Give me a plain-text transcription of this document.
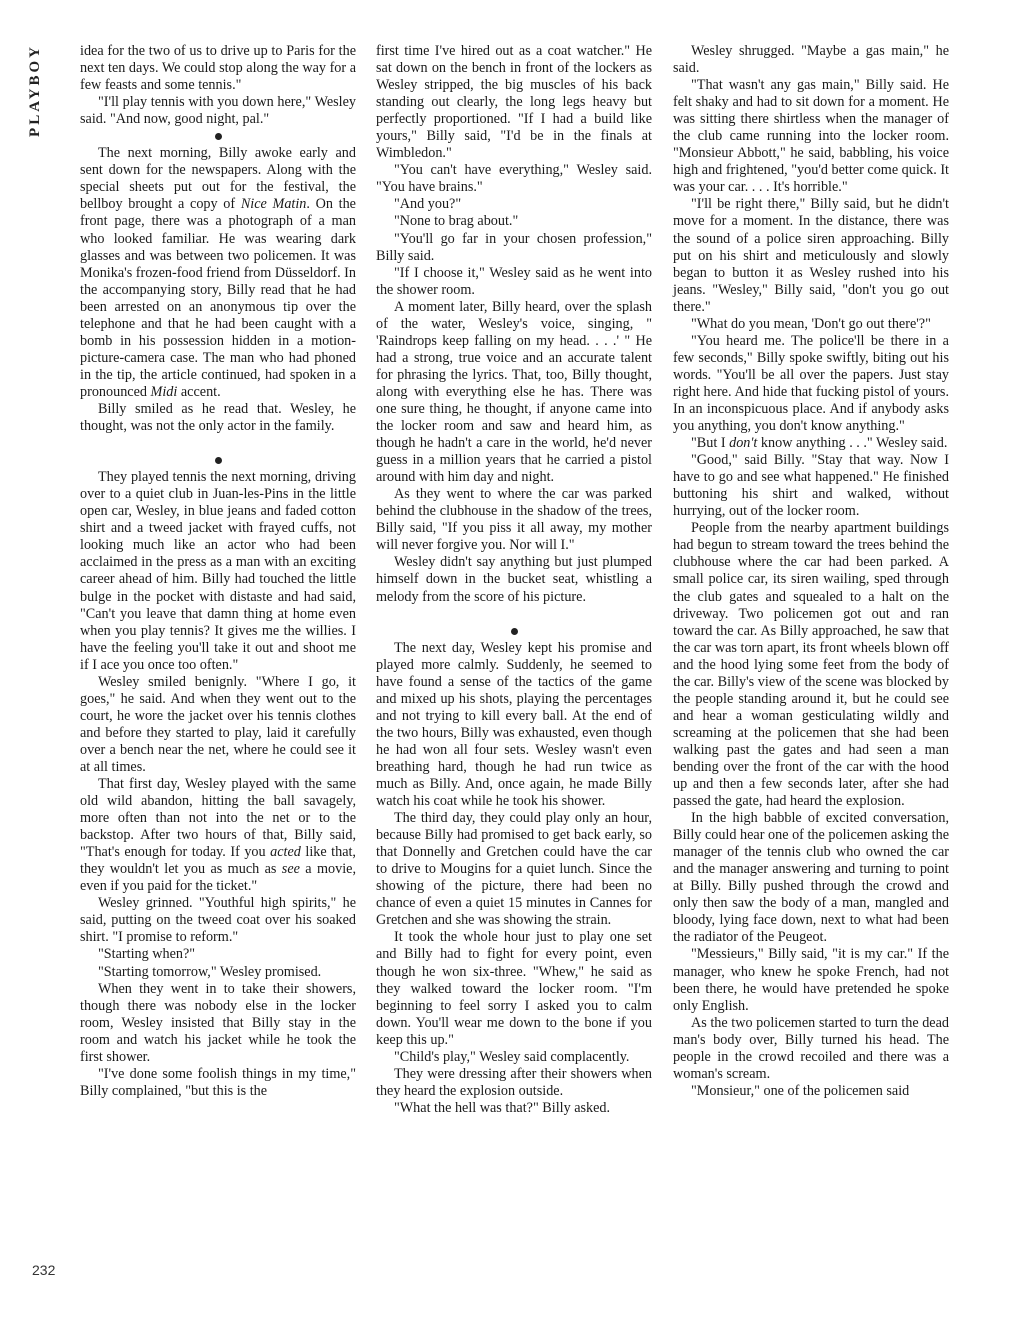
PLAYBOY
232

idea for the two of us to drive up to Paris for the next ten days. We could stop along the way for a few feasts and some tennis."

"I'll play tennis with you down here," Wesley said. "And now, good night, pal."

The next morning, Billy awoke early and sent down for the newspapers. Along with the special sheets put out for the festival, the bellboy brought a copy of Nice Matin. On the front page, there was a photograph of a man who looked familiar. He was wearing dark glasses and was between two policemen. It was Monika's frozen-food friend from Düsseldorf. In the accompanying story, Billy read that he had been arrested on an anonymous tip over the telephone and that he had been caught with a bomb in his possession hidden in a motion-picture-camera case. The man who had phoned in the tip, the article continued, had spoken in a pronounced Midi accent.

Billy smiled as he read that. Wesley, he thought, was not the only actor in the family.

They played tennis the next morning, driving over to a quiet club in Juan-les-Pins in the little open car, Wesley, in blue jeans and faded cotton shirt and a tweed jacket with frayed cuffs, not looking much like an actor who had been acclaimed in the press as a man with an exciting career ahead of him. Billy had touched the little bulge in the pocket with distaste and had said, "Can't you leave that damn thing at home even when you play tennis? It gives me the willies. I have the feeling you'll take it out and shoot me if I ace you once too often."

Wesley smiled benignly. "Where I go, it goes," he said. And when they went out to the court, he wore the jacket over his tennis clothes and before they started to play, laid it carefully over a bench near the net, where he could see it at all times.

That first day, Wesley played with the same old wild abandon, hitting the ball savagely, more often than not into the net or to the backstop. After two hours of that, Billy said, "That's enough for today. If you acted like that, they wouldn't let you as much as see a movie, even if you paid for the ticket."

Wesley grinned. "Youthful high spirits," he said, putting on the tweed coat over his soaked shirt. "I promise to reform."

"Starting when?"

"Starting tomorrow," Wesley promised.

When they went in to take their showers, though there was nobody else in the locker room, Wesley insisted that Billy stay in the room and watch his jacket while he took the first shower.

"I've done some foolish things in my time," Billy complained, "but this is the

first time I've hired out as a coat watcher." He sat down on the bench in front of the lockers as Wesley stripped, the big muscles of his back standing out clearly, the long legs heavy but perfectly proportioned. "If I had a build like yours," Billy said, "I'd be in the finals at Wimbledon."

"You can't have everything," Wesley said. "You have brains."

"And you?"

"None to brag about."

"You'll go far in your chosen profession," Billy said.

"If I choose it," Wesley said as he went into the shower room.

A moment later, Billy heard, over the splash of the water, Wesley's voice, singing, " 'Raindrops keep falling on my head. . . .' " He had a strong, true voice and an accurate talent for phrasing the lyrics. That, too, Billy thought, along with everything else he has. There was one sure thing, he thought, if anyone came into the locker room and saw and heard him, as though he hadn't a care in the world, he'd never guess in a million years that he carried a pistol around with him day and night.

As they went to where the car was parked behind the clubhouse in the shadow of the trees, Billy said, "If you piss it all away, my mother will never forgive you. Nor will I."

Wesley didn't say anything but just plumped himself down in the bucket seat, whistling a melody from the score of his picture.

The next day, Wesley kept his promise and played more calmly. Suddenly, he seemed to have found a sense of the tactics of the game and mixed up his shots, playing the percentages and not trying to kill every ball. At the end of the two hours, Billy was exhausted, even though he had won all four sets. Wesley wasn't even breathing hard, though he had run twice as much as Billy. And, once again, he made Billy watch his coat while he took his shower.

The third day, they could play only an hour, because Billy had promised to get back early, so that Donnelly and Gretchen could have the car to drive to Mougins for a quiet lunch. Since the showing of the picture, there had been no chance of even a quiet 15 minutes in Cannes for Gretchen and she was showing the strain.

It took the whole hour just to play one set and Billy had to fight for every point, even though he won six-three. "Whew," he said as they walked toward the locker room. "I'm beginning to feel sorry I asked you to calm down. You'll wear me down to the bone if you keep this up."

"Child's play," Wesley said complacently.

They were dressing after their showers when they heard the explosion outside.

"What the hell was that?" Billy asked.

Wesley shrugged. "Maybe a gas main," he said.

"That wasn't any gas main," Billy said. He felt shaky and had to sit down for a moment. He was sitting there shirtless when the manager of the club came running into the locker room. "Monsieur Abbott," he said, babbling, his voice high and frightened, "you'd better come quick. It was your car. . . . It's horrible."

"I'll be right there," Billy said, but he didn't move for a moment. In the distance, there was the sound of a police siren approaching. Billy put on his shirt and meticulously and slowly began to button it as Wesley rushed into his jeans. "Wesley," Billy said, "don't you go out there."

"What do you mean, 'Don't go out there'?"

"You heard me. The police'll be there in a few seconds," Billy spoke swiftly, biting out his words. "You'll be all over the papers. Just stay right here. And hide that fucking pistol of yours. In an inconspicuous place. And if anybody asks you anything, you don't know anything."

"But I don't know anything . . ." Wesley said.

"Good," said Billy. "Stay that way. Now I have to go and see what happened." He finished buttoning his shirt and walked, without hurrying, out of the locker room.

People from the nearby apartment buildings had begun to stream toward the trees behind the clubhouse where the car had been parked. A small police car, its siren wailing, sped through the club gates and squealed to a halt on the driveway. Two policemen got out and ran toward the car. As Billy approached, he saw that the car was torn apart, its front wheels blown off and the hood lying some feet from the body of the car. Billy's view of the scene was blocked by the people standing around it, but he could see and hear a woman gesticulating wildly and screaming at the policemen that she had been walking past the gates and had seen a man bending over the front of the car with the hood up and then a few seconds later, after she had passed the gate, had heard the explosion.

In the high babble of excited conversation, Billy could hear one of the policemen asking the manager of the tennis club who owned the car and the manager answering and turning to point at Billy. Billy pushed through the crowd and only then saw the body of a man, mangled and bloody, lying face down, next to what had been the radiator of the Peugeot.

"Messieurs," Billy said, "it is my car." If the manager, who knew he spoke French, had not been there, he would have pretended he spoke only English.

As the two policemen started to turn the dead man's body over, Billy turned his head. The people in the crowd recoiled and there was a woman's scream.

"Monsieur," one of the policemen said
